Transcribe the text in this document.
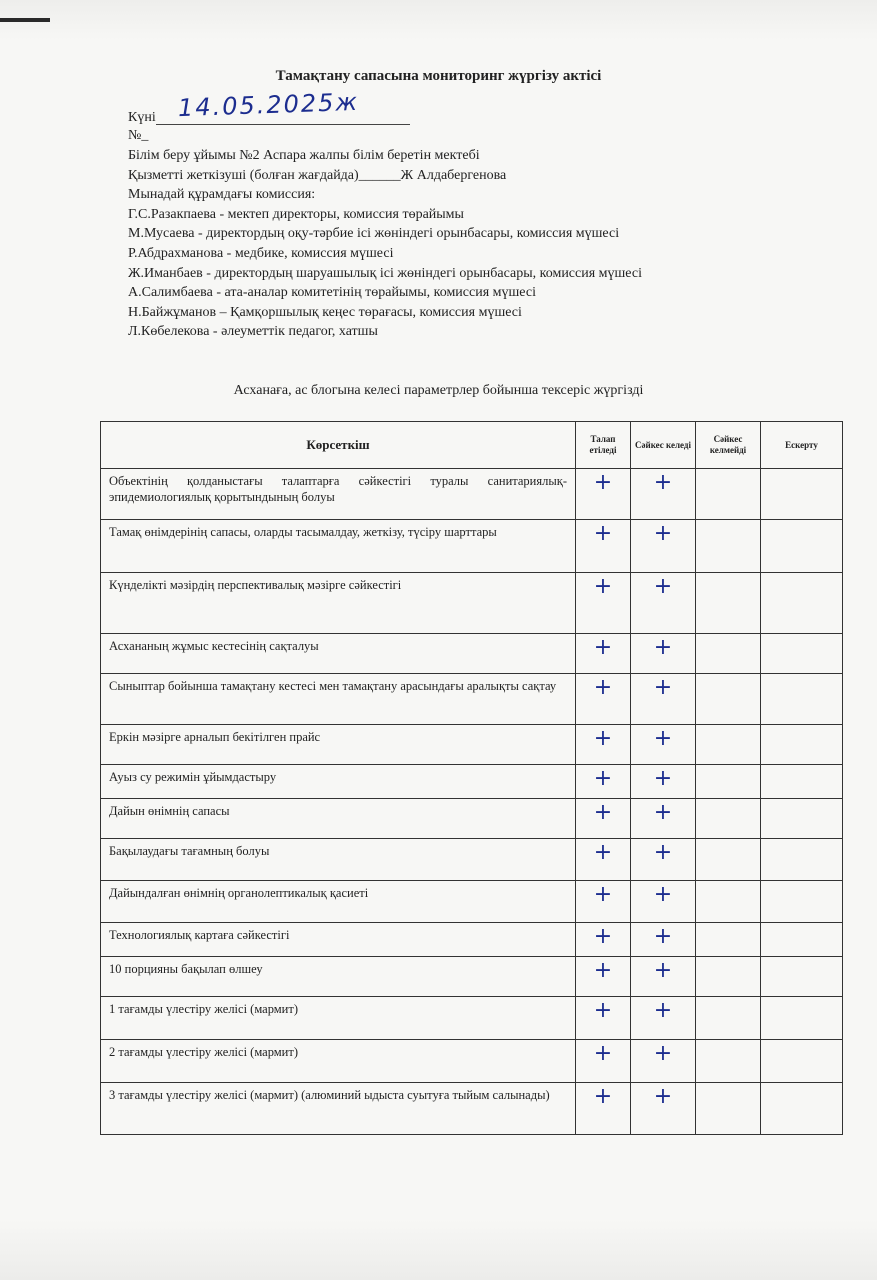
Тамақтану сапасына мониторинг жүргізу актісі
Күні 14.05.2025ж
№_
Білім беру ұйымы №2 Аспара жалпы білім беретін мектебі
Қызметті жеткізуші (болған жағдайда)______Ж Алдабергенова
Мынадай құрамдағы комиссия:
Г.С.Разакпаева - мектеп директоры, комиссия төрайымы
М.Мусаева - директордың оқу-тәрбие ісі жөніндегі орынбасары, комиссия мүшесі
Р.Абдрахманова - медбике, комиссия мүшесі
Ж.Иманбаев - директордың шаруашылық ісі жөніндегі орынбасары, комиссия мүшесі
А.Салимбаева - ата-аналар комитетінің төрайымы, комиссия мүшесі
Н.Байжұманов – Қамқоршылық кеңес төрағасы, комиссия мүшесі
Л.Көбелекова - әлеуметтік педагог, хатшы
Асханаға, ас блогына келесі параметрлер бойынша тексеріс жүргізді
Көрсеткіш	Талап етіледі	Сәйкес келеді	Сәйкес келмейді	Ескерту
Объектінің қолданыстағы талаптарға сәйкестігі туралы санитариялық-эпидемиологиялық қорытындының болуы	+	+		
Тамақ өнімдерінің сапасы, оларды тасымалдау, жеткізу, түсіру шарттары	+	+		
Күнделікті мәзірдің перспективалық мәзірге сәйкестігі	+	+		
Асхананың жұмыс кестесінің сақталуы	+	+		
Сыныптар бойынша тамақтану кестесі мен тамақтану арасындағы аралықты сақтау	+	+		
Еркін мәзірге арналып бекітілген прайс	+	+		
Ауыз су режимін ұйымдастыру	+	+		
Дайын өнімнің сапасы	+	+		
Бақылаудағы тағамның болуы	+	+		
Дайындалған өнімнің органолептикалық қасиеті	+	+		
Технологиялық картаға сәйкестігі	+	+		
10 порцияны бақылап өлшеу	+	+		
1 тағамды үлестіру желісі (мармит)	+	+		
2 тағамды үлестіру желісі (мармит)	+	+		
3 тағамды үлестіру желісі (мармит) (алюминий ыдыста суытуға тыйым салынады)	+	+		
